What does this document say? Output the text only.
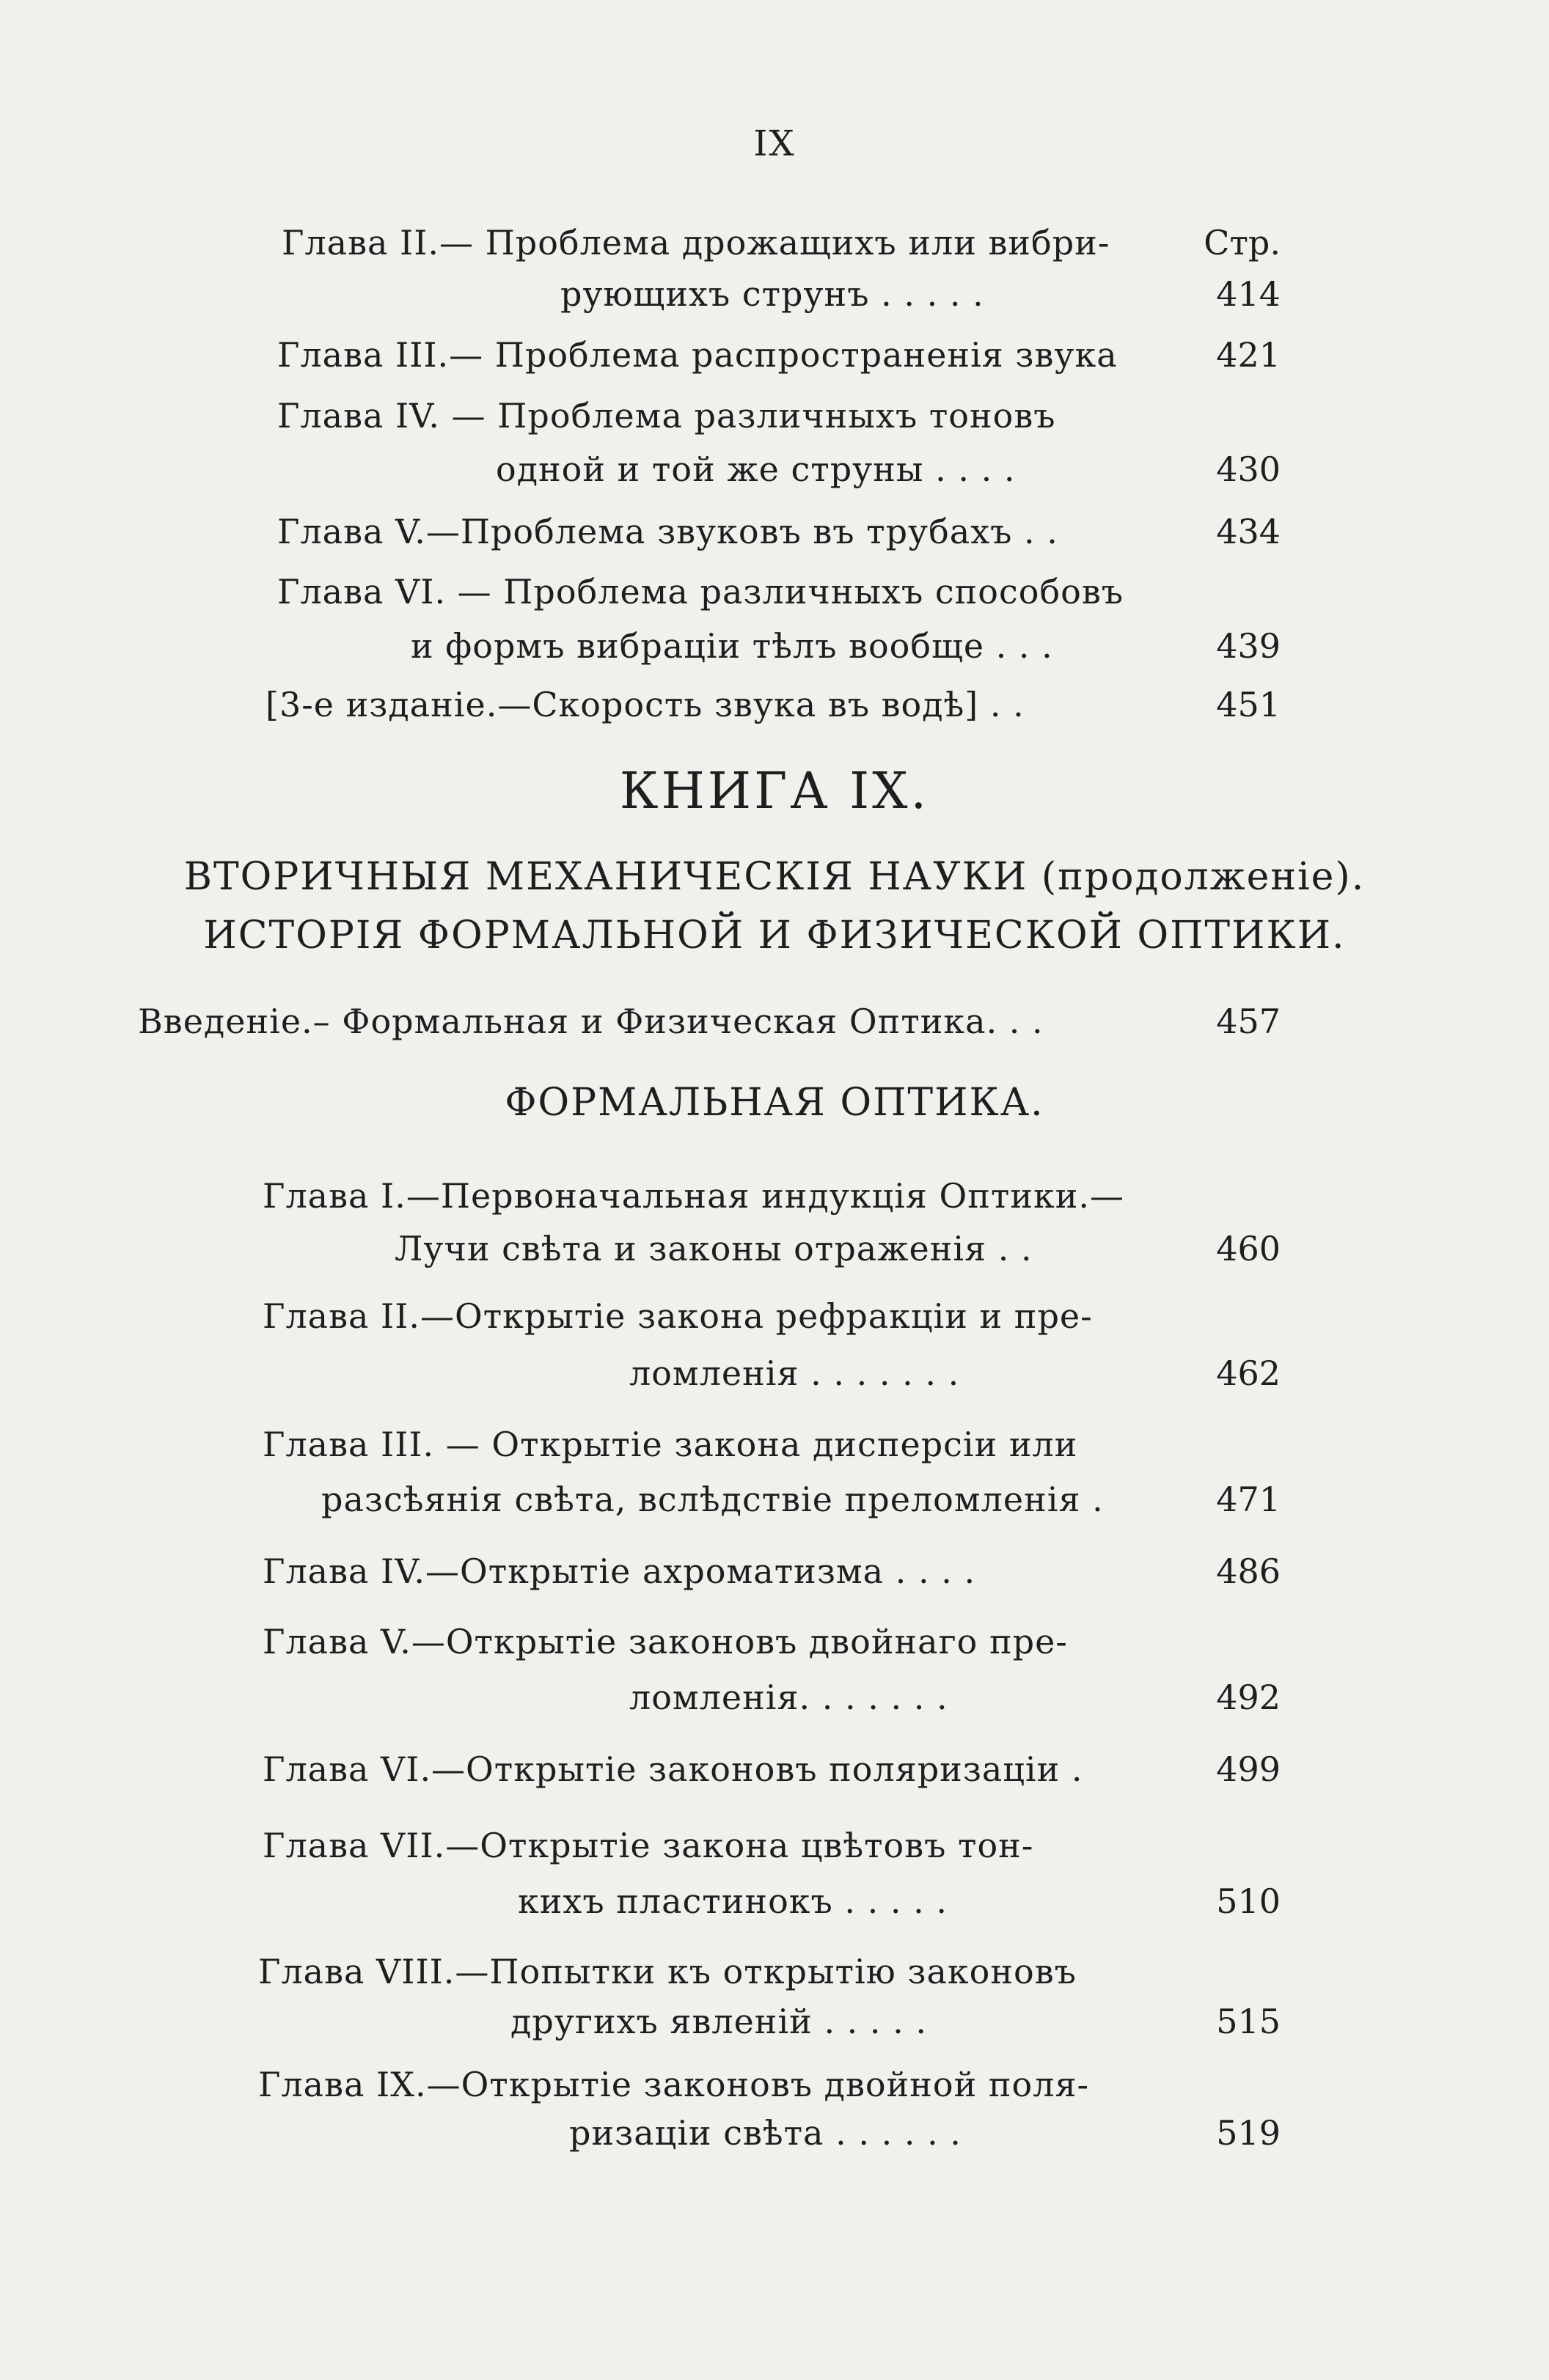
IX
Глава II.— Проблема дрожащихъ или вибри-	Стр.
рующихъ струнъ . . . . .	414
Глава III.— Проблема распространенія звука	421
Глава IV. — Проблема различныхъ тоновъ
одной и той же струны . . . .	430
Глава V.—Проблема звуковъ въ трубахъ . .	434
Глава VI. — Проблема различныхъ способовъ
и формъ вибраціи тѣлъ вообще . . .	439
[3-е изданіе.—Скорость звука въ водѣ] . .	451
КНИГА IX.
ВТОРИЧНЫЯ МЕХАНИЧЕСКІЯ НАУКИ (продолженіе).
ИСТОРІЯ ФОРМАЛЬНОЙ И ФИЗИЧЕСКОЙ ОПТИКИ.
Введеніе.– Формальная и Физическая Оптика. . .	457
ФОРМАЛЬНАЯ ОПТИКА.
Глава I.—Первоначальная индукція Оптики.—
Лучи свѣта и законы отраженія . .	460
Глава II.—Открытіе закона рефракціи и пре-
ломленія . . . . . . .	462
Глава III. — Открытіе закона дисперсіи или
разсѣянія свѣта, вслѣдствіе преломленія .	471
Глава IV.—Открытіе ахроматизма . . . .	486
Глава V.—Открытіе законовъ двойнаго пре-
ломленія. . . . . . .	492
Глава VI.—Открытіе законовъ поляризаціи .	499
Глава VII.—Открытіе закона цвѣтовъ тон-
кихъ пластинокъ . . . . .	510
Глава VIII.—Попытки къ открытію законовъ
другихъ явленій . . . . .	515
Глава IX.—Открытіе законовъ двойной поля-
ризаціи свѣта . . . . . .	519
